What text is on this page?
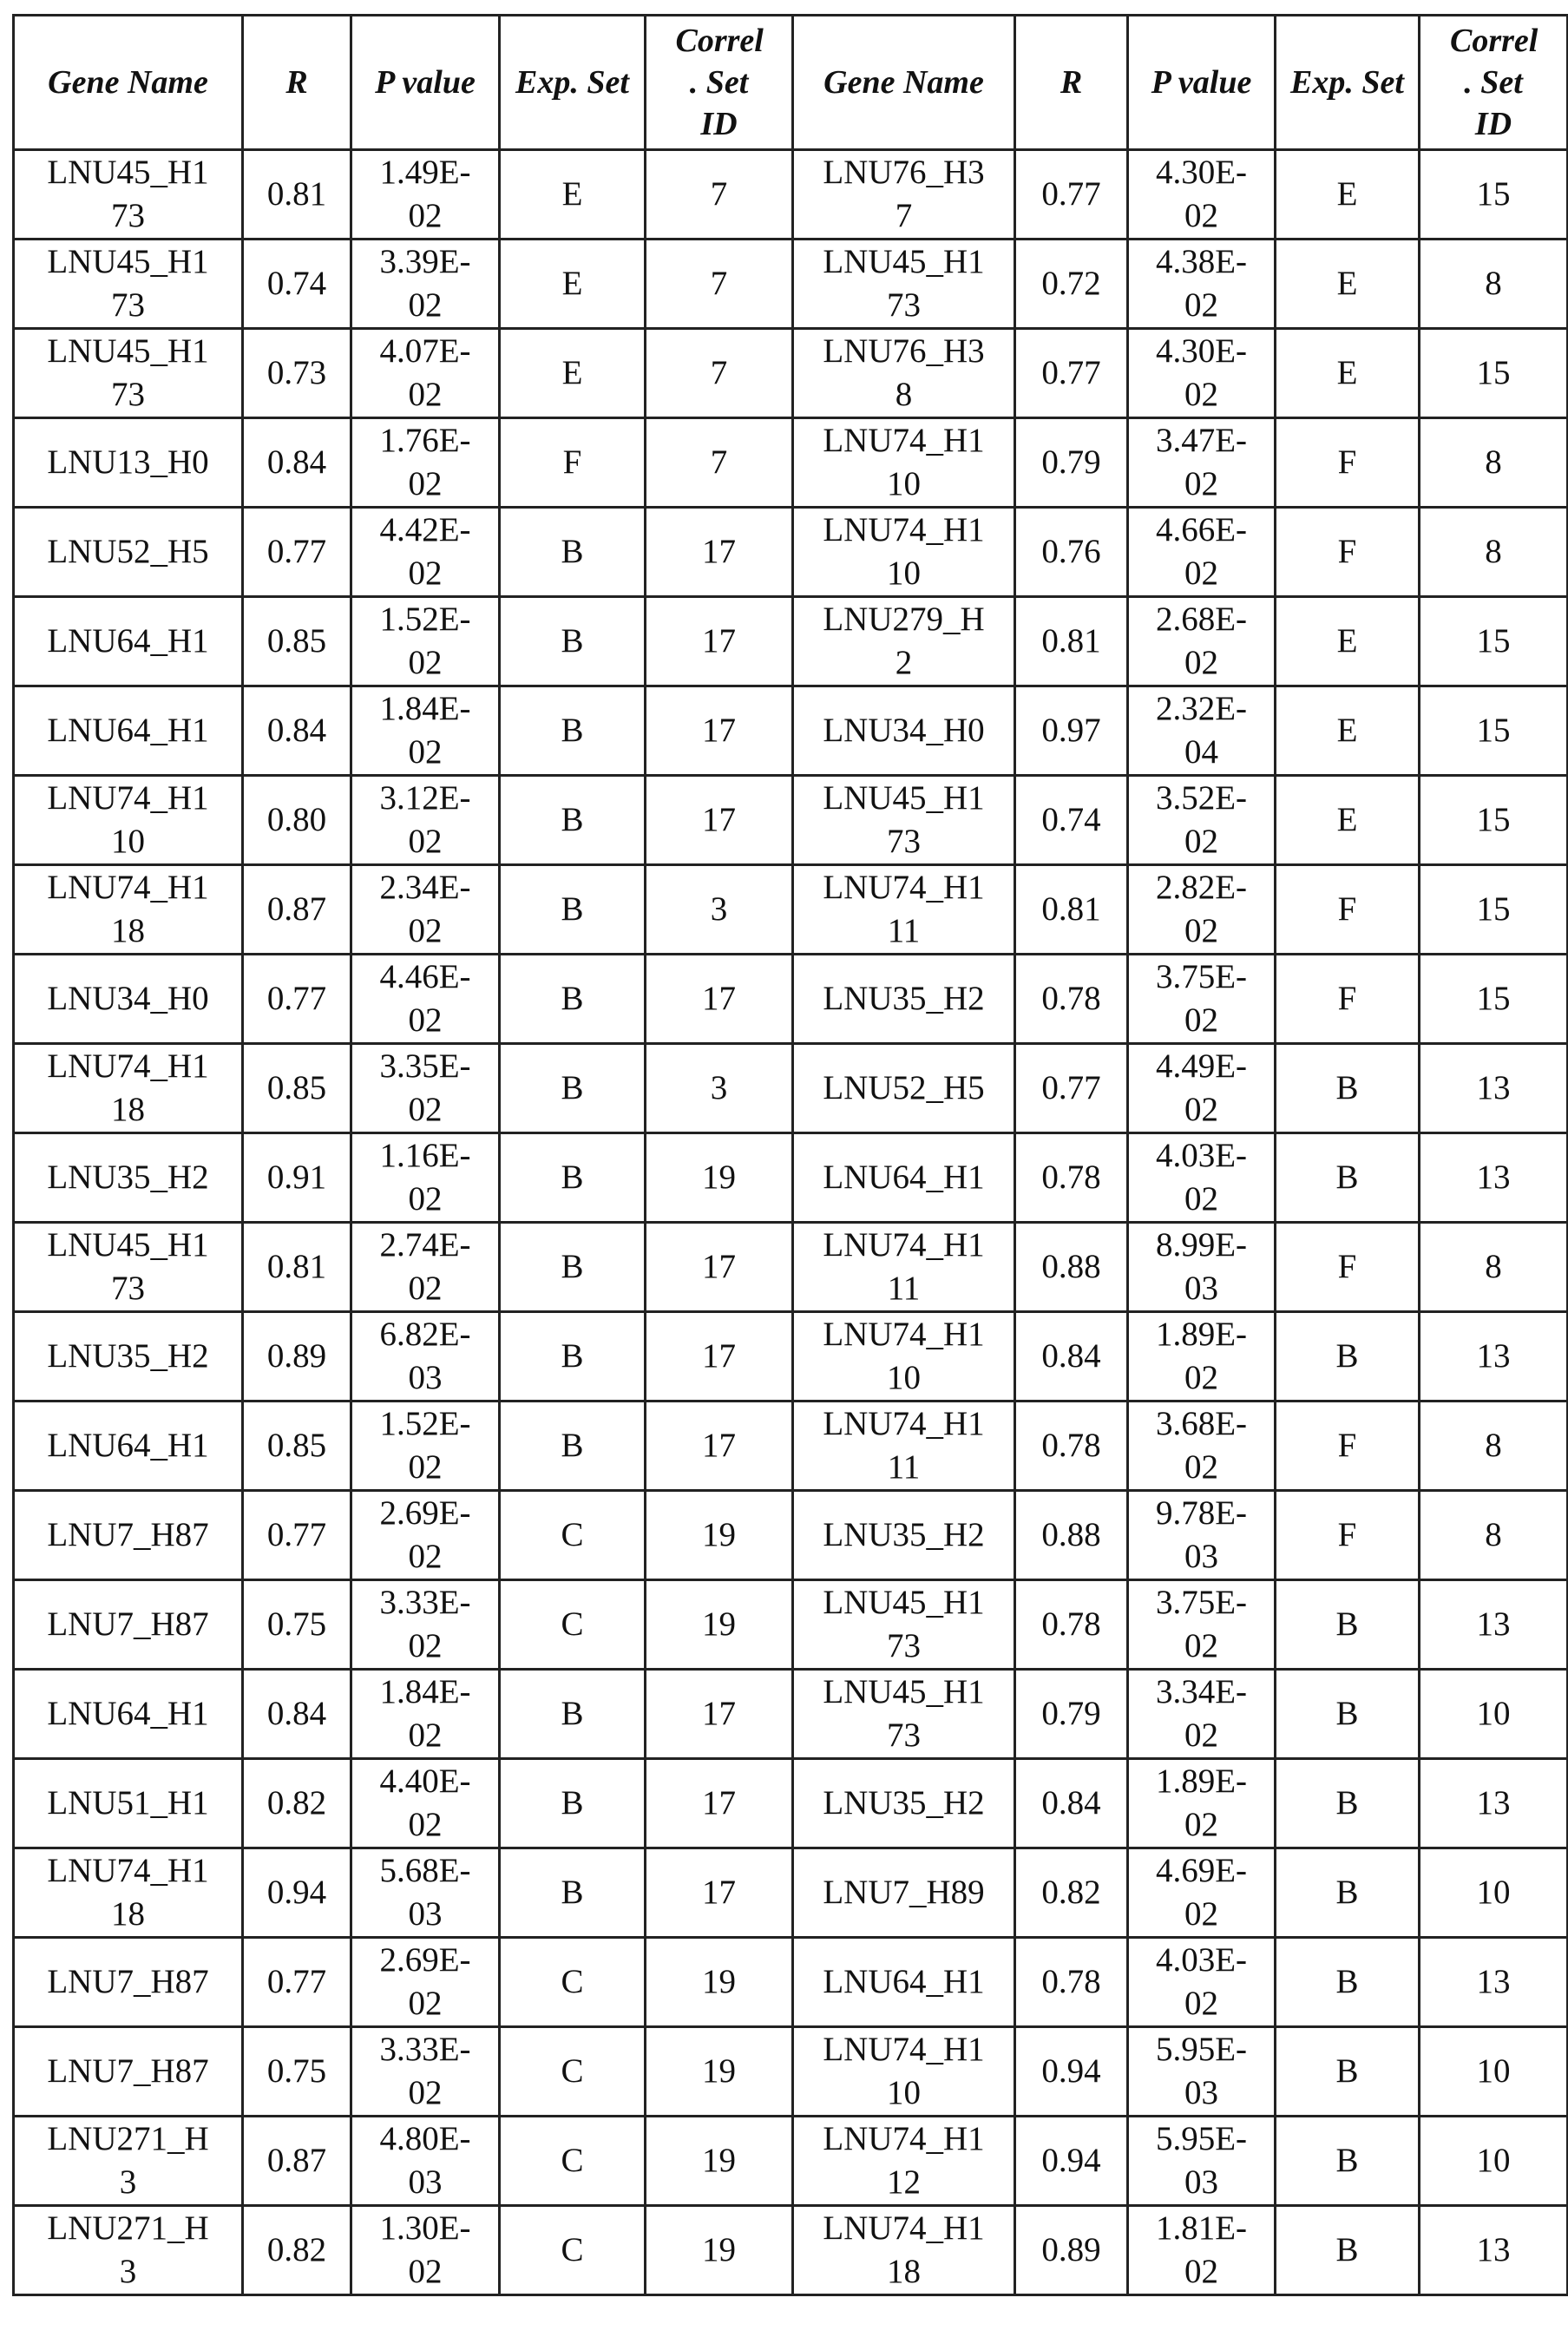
Gene Name	R	P value	Exp. Set	Correl . Set ID	Gene Name	R	P value	Exp. Set	Correl . Set ID
LNU45_H173	0.81	1.49E-02	E	7	LNU76_H37	0.77	4.30E-02	E	15
LNU45_H173	0.74	3.39E-02	E	7	LNU45_H173	0.72	4.38E-02	E	8
LNU45_H173	0.73	4.07E-02	E	7	LNU76_H38	0.77	4.30E-02	E	15
LNU13_H0	0.84	1.76E-02	F	7	LNU74_H110	0.79	3.47E-02	F	8
LNU52_H5	0.77	4.42E-02	B	17	LNU74_H110	0.76	4.66E-02	F	8
LNU64_H1	0.85	1.52E-02	B	17	LNU279_H2	0.81	2.68E-02	E	15
LNU64_H1	0.84	1.84E-02	B	17	LNU34_H0	0.97	2.32E-04	E	15
LNU74_H110	0.80	3.12E-02	B	17	LNU45_H173	0.74	3.52E-02	E	15
LNU74_H118	0.87	2.34E-02	B	3	LNU74_H111	0.81	2.82E-02	F	15
LNU34_H0	0.77	4.46E-02	B	17	LNU35_H2	0.78	3.75E-02	F	15
LNU74_H118	0.85	3.35E-02	B	3	LNU52_H5	0.77	4.49E-02	B	13
LNU35_H2	0.91	1.16E-02	B	19	LNU64_H1	0.78	4.03E-02	B	13
LNU45_H173	0.81	2.74E-02	B	17	LNU74_H111	0.88	8.99E-03	F	8
LNU35_H2	0.89	6.82E-03	B	17	LNU74_H110	0.84	1.89E-02	B	13
LNU64_H1	0.85	1.52E-02	B	17	LNU74_H111	0.78	3.68E-02	F	8
LNU7_H87	0.77	2.69E-02	C	19	LNU35_H2	0.88	9.78E-03	F	8
LNU7_H87	0.75	3.33E-02	C	19	LNU45_H173	0.78	3.75E-02	B	13
LNU64_H1	0.84	1.84E-02	B	17	LNU45_H173	0.79	3.34E-02	B	10
LNU51_H1	0.82	4.40E-02	B	17	LNU35_H2	0.84	1.89E-02	B	13
LNU74_H118	0.94	5.68E-03	B	17	LNU7_H89	0.82	4.69E-02	B	10
LNU7_H87	0.77	2.69E-02	C	19	LNU64_H1	0.78	4.03E-02	B	13
LNU7_H87	0.75	3.33E-02	C	19	LNU74_H110	0.94	5.95E-03	B	10
LNU271_H3	0.87	4.80E-03	C	19	LNU74_H112	0.94	5.95E-03	B	10
LNU271_H3	0.82	1.30E-02	C	19	LNU74_H118	0.89	1.81E-02	B	13
